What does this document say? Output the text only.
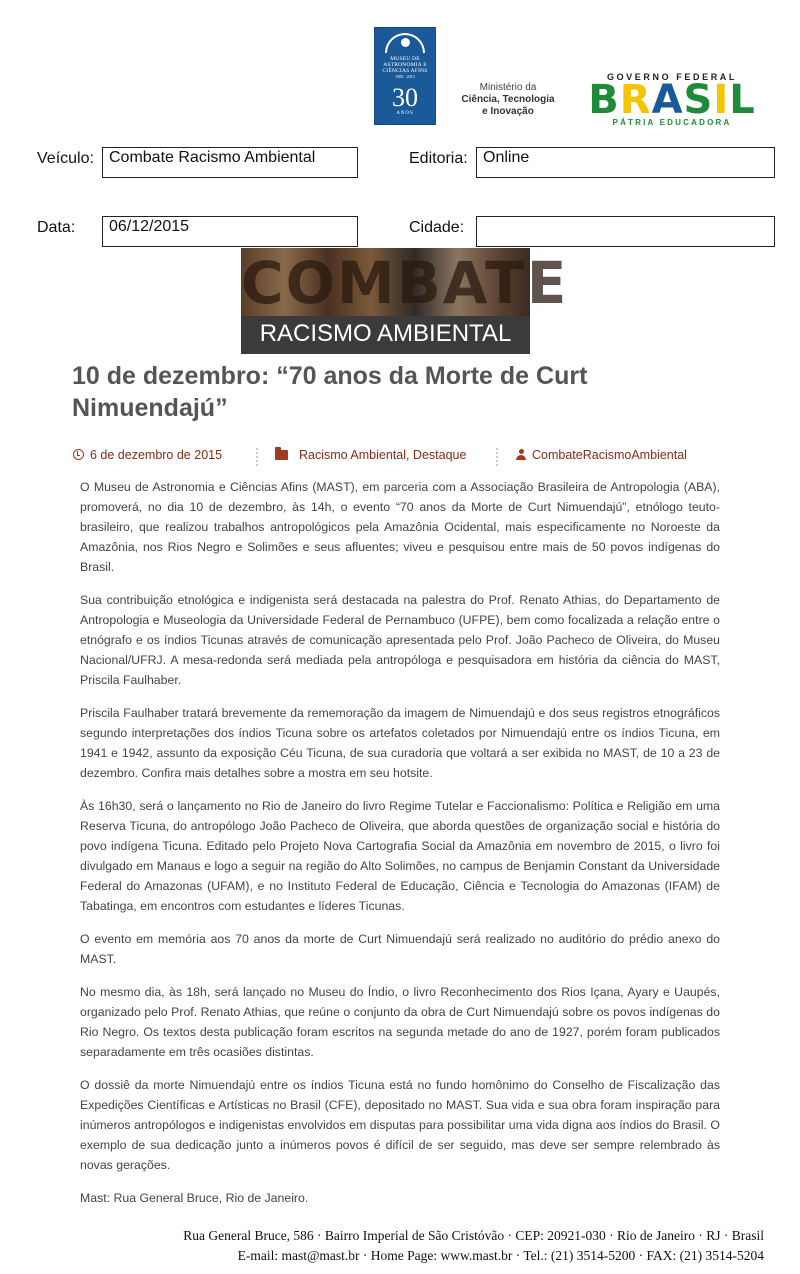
MUSEU DE ASTRONOMIA E CIÊNCIAS AFINS
1985 · 2015
30
ANOS
Ministério da
Ciência, Tecnologia
e Inovação
GOVERNO FEDERAL
BRASIL
PÁTRIA EDUCADORA
Veículo: Combate Racismo Ambiental	Editoria: Online
Data:	06/12/2015	Cidade:
COMBATE
RACISMO AMBIENTAL
10 de dezembro: “70 anos da Morte de Curt Nimuendajú”
6 de dezembro de 2015	Racismo Ambiental, Destaque	CombateRacismoAmbiental

O Museu de Astronomia e Ciências Afins (MAST), em parceria com a Associação Brasileira de Antropologia (ABA), promoverá, no dia 10 de dezembro, às 14h, o evento “70 anos da Morte de Curt Nimuendajú”, etnólogo teuto-brasileiro, que realizou trabalhos antropológicos pela Amazônia Ocidental, mais especificamente no Noroeste da Amazônia, nos Rios Negro e Solimões e seus afluentes; viveu e pesquisou entre mais de 50 povos indígenas do Brasil.

Sua contribuição etnológica e indigenista será destacada na palestra do Prof. Renato Athias, do Departamento de Antropologia e Museologia da Universidade Federal de Pernambuco (UFPE), bem como focalizada a relação entre o etnógrafo e os índios Ticunas através de comunicação apresentada pelo Prof. João Pacheco de Oliveira, do Museu Nacional/UFRJ. A mesa-redonda será mediada pela antropóloga e pesquisadora em história da ciência do MAST, Priscila Faulhaber.

Priscila Faulhaber tratará brevemente da rememoração da imagem de Nimuendajú e dos seus registros etnográficos segundo interpretações dos índios Ticuna sobre os artefatos coletados por Nimuendajú entre os índios Ticuna, em 1941 e 1942, assunto da exposição Céu Ticuna, de sua curadoria que voltará a ser exibida no MAST, de 10 a 23 de dezembro. Confira mais detalhes sobre a mostra em seu hotsite.

Às 16h30, será o lançamento no Rio de Janeiro do livro Regime Tutelar e Faccionalismo: Política e Religião em uma Reserva Ticuna, do antropólogo João Pacheco de Oliveira, que aborda questões de organização social e história do povo indígena Ticuna. Editado pelo Projeto Nova Cartografia Social da Amazônia em novembro de 2015, o livro foi divulgado em Manaus e logo a seguir na região do Alto Solimões, no campus de Benjamin Constant da Universidade Federal do Amazonas (UFAM), e no Instituto Federal de Educação, Ciência e Tecnologia do Amazonas (IFAM) de Tabatinga, em encontros com estudantes e líderes Ticunas.

O evento em memória aos 70 anos da morte de Curt Nimuendajú será realizado no auditório do prédio anexo do MAST.

No mesmo dia, às 18h, será lançado no Museu do Índio, o livro Reconhecimento dos Rios Içana, Ayary e Uaupés, organizado pelo Prof. Renato Athias, que reúne o conjunto da obra de Curt Nimuendajú sobre os povos indígenas do Rio Negro. Os textos desta publicação foram escritos na segunda metade do ano de 1927, porém foram publicados separadamente em três ocasiões distintas.

O dossiê da morte Nimuendajú entre os índios Ticuna está no fundo homônimo do Conselho de Fiscalização das Expedições Científicas e Artísticas no Brasil (CFE), depositado no MAST. Sua vida e sua obra foram inspiração para inúmeros antropólogos e indigenistas envolvidos em disputas para possibilitar uma vida digna aos índios do Brasil. O exemplo de sua dedicação junto a inúmeros povos é difícil de ser seguido, mas deve ser sempre relembrado às novas gerações.

Mast: Rua General Bruce, Rio de Janeiro.

Rua General Bruce, 586 · Bairro Imperial de São Cristóvão · CEP: 20921-030 · Rio de Janeiro · RJ · Brasil
E-mail: mast@mast.br · Home Page: www.mast.br · Tel.: (21) 3514-5200 · FAX: (21) 3514-5204
